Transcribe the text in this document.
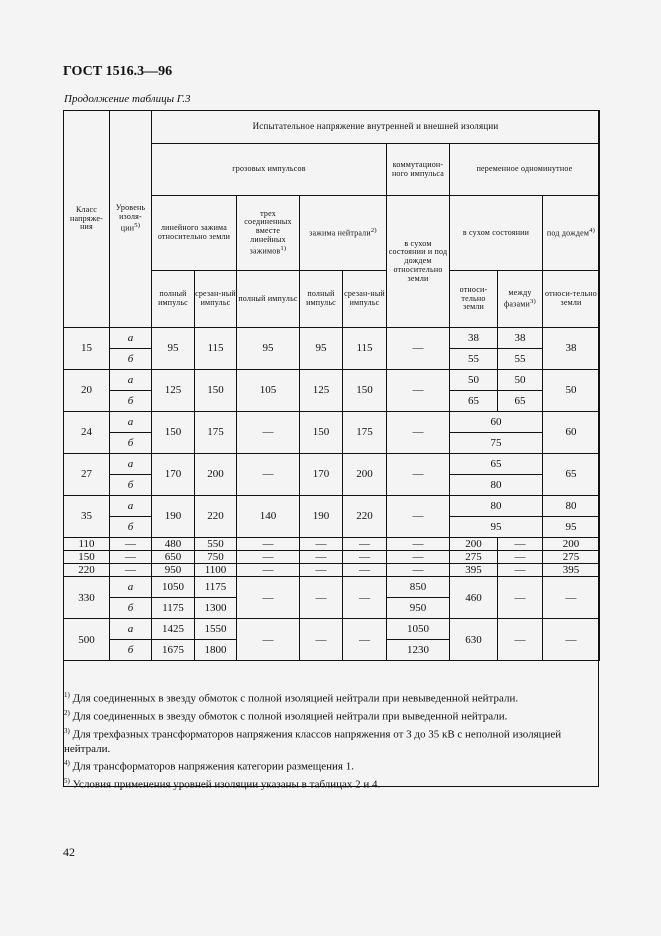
ГОСТ 1516.3—96
Продолжение таблицы Г.3
Класс напряже-ния	Уровень изоля-ции$^{5)}$	Испытательное напряжение внутренней и внешней изоляции								
		грозовых импульсов					коммутацион-ного импульса	переменное одноминутное		
		линейного зажима относительно земли		трех соединенных вместе линейных зажимов$^{1)}$	зажима нейтрали$^{2)}$		в сухом состоянии и под дождем относительно земли	в сухом состоянии		под дождем$^{4)}$
		полный импульс	срезан-ный импульс	полный импульс	полный импульс	срезан-ный импульс		относи-тельно земли	между фазами$^{3)}$	относи-тельно земли
15	а	95	115	95	95	115	—	38	38	38
	б							55	55	
20	а	125	150	105	125	150	—	50	50	50
	б							65	65	
24	а	150	175	—	150	175	—	60		60
	б							75		
27	а	170	200	—	170	200	—	65		65
	б							80		
35	а	190	220	140	190	220	—	80		80
	б							95		95
110	—	480	550	—	—	—	—	200	—	200
150	—	650	750	—	—	—	—	275	—	275
220	—	950	1100	—	—	—	—	395	—	395
330	а	1050	1175	—	—	—	850	460	—	—
	б	1175	1300				950			
500	а	1425	1550	—	—	—	1050	630	—	—
	б	1675	1800				1230			

$^{1)}$ Для соединенных в звезду обмоток с полной изоляцией нейтрали при невыведенной нейтрали.

$^{2)}$ Для соединенных в звезду обмоток с полной изоляцией нейтрали при выведенной нейтрали.

$^{3)}$ Для трехфазных трансформаторов напряжения классов напряжения от 3 до 35 кВ с неполной изоляцией нейтрали.

$^{4)}$ Для трансформаторов напряжения категории размещения 1.

$^{5)}$ Условия применения уровней изоляции указаны в таблицах 2 и 4.

42
